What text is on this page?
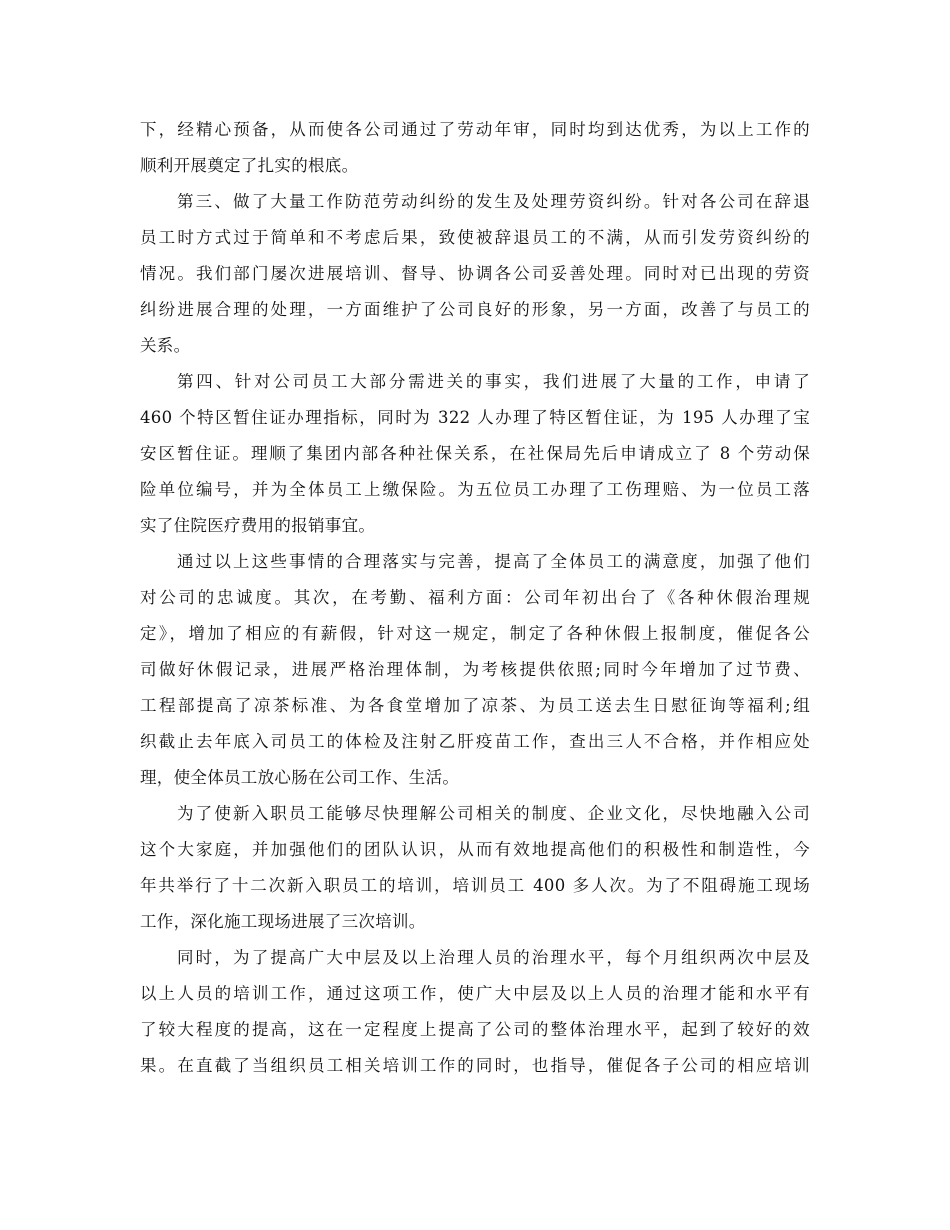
下，经精心预备，从而使各公司通过了劳动年审，同时均到达优秀，为以上工作的
顺利开展奠定了扎实的根底。
第三、做了大量工作防范劳动纠纷的发生及处理劳资纠纷。针对各公司在辞退
员工时方式过于简单和不考虑后果，致使被辞退员工的不满，从而引发劳资纠纷的
情况。我们部门屡次进展培训、督导、协调各公司妥善处理。同时对已出现的劳资
纠纷进展合理的处理，一方面维护了公司良好的形象，另一方面，改善了与员工的
关系。
第四、针对公司员工大部分需进关的事实，我们进展了大量的工作，申请了
460 个特区暂住证办理指标，同时为 322 人办理了特区暂住证，为 195 人办理了宝
安区暂住证。理顺了集团内部各种社保关系，在社保局先后申请成立了 8 个劳动保
险单位编号，并为全体员工上缴保险。为五位员工办理了工伤理赔、为一位员工落
实了住院医疗费用的报销事宜。
通过以上这些事情的合理落实与完善，提高了全体员工的满意度，加强了他们
对公司的忠诚度。其次，在考勤、福利方面：公司年初出台了《各种休假治理规
定》，增加了相应的有薪假，针对这一规定，制定了各种休假上报制度，催促各公
司做好休假记录，进展严格治理体制，为考核提供依照;同时今年增加了过节费、
工程部提高了凉茶标准、为各食堂增加了凉茶、为员工送去生日慰征询等福利;组
织截止去年底入司员工的体检及注射乙肝疫苗工作，查出三人不合格，并作相应处
理，使全体员工放心肠在公司工作、生活。
为了使新入职员工能够尽快理解公司相关的制度、企业文化，尽快地融入公司
这个大家庭，并加强他们的团队认识，从而有效地提高他们的积极性和制造性，今
年共举行了十二次新入职员工的培训，培训员工 400 多人次。为了不阻碍施工现场
工作，深化施工现场进展了三次培训。
同时，为了提高广大中层及以上治理人员的治理水平，每个月组织两次中层及
以上人员的培训工作，通过这项工作，使广大中层及以上人员的治理才能和水平有
了较大程度的提高，这在一定程度上提高了公司的整体治理水平，起到了较好的效
果。在直截了当组织员工相关培训工作的同时，也指导，催促各子公司的相应培训
